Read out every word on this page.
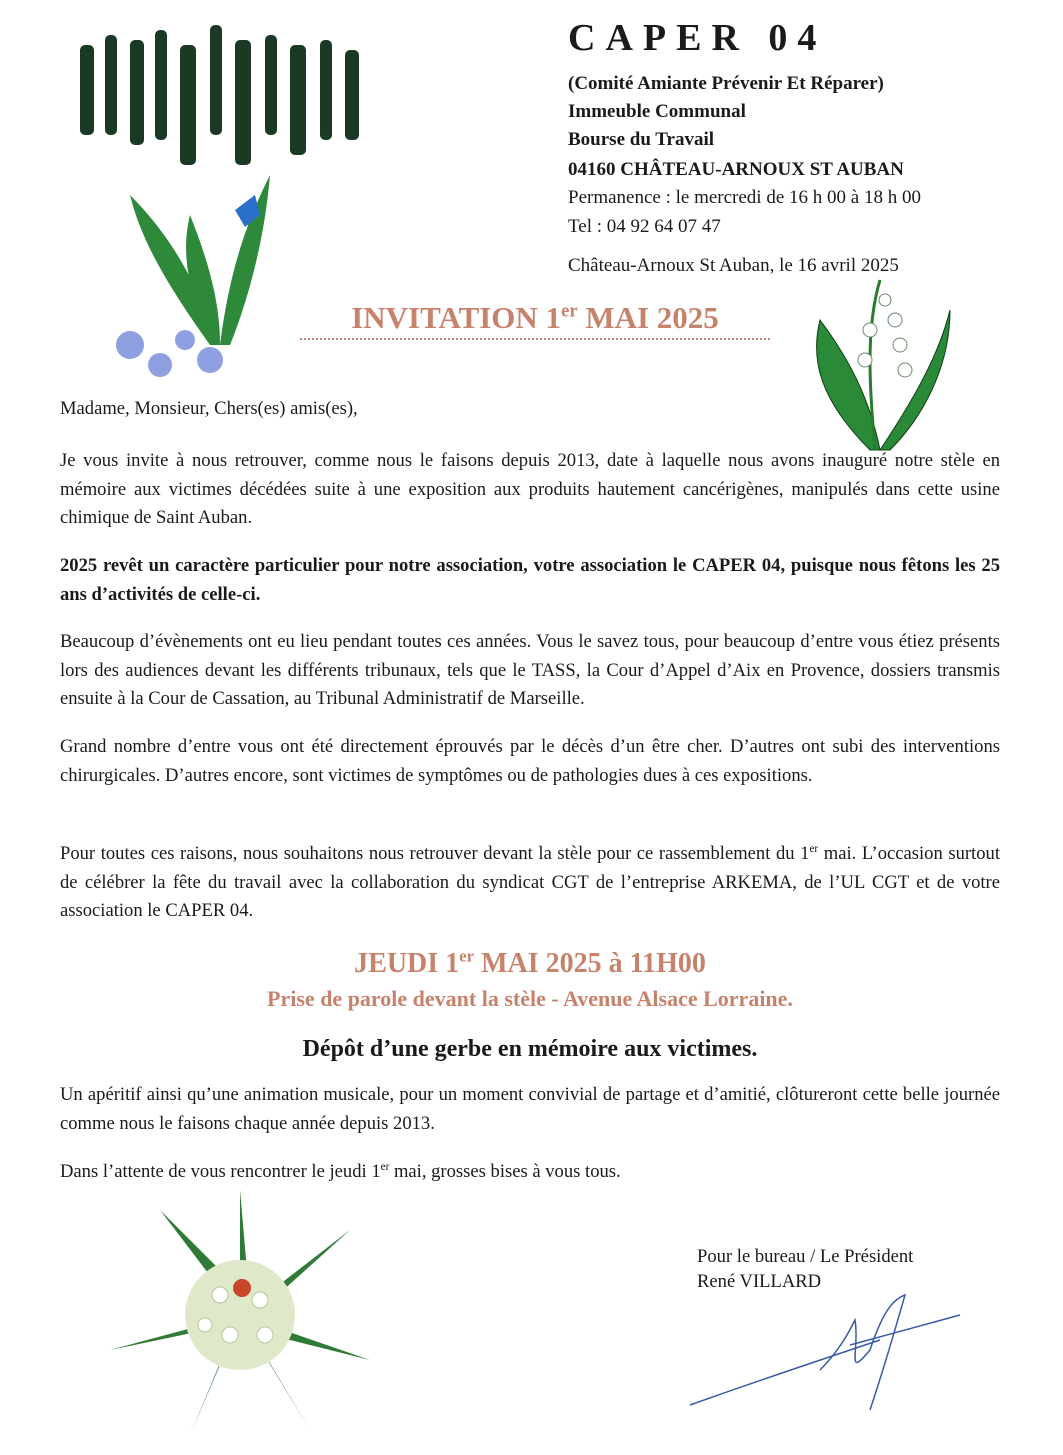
CAPER 04
(Comité Amiante Prévenir Et Réparer)
Immeuble Communal
Bourse du Travail
04160 CHÂTEAU-ARNOUX ST AUBAN
Permanence : le mercredi de 16 h 00 à 18 h 00
Tel : 04 92 64 07 47
Château-Arnoux St Auban, le 16 avril 2025
INVITATION 1er MAI 2025

Madame, Monsieur, Chers(es) amis(es),

Je vous invite à nous retrouver, comme nous le faisons depuis 2013, date à laquelle nous avons inauguré notre stèle en mémoire aux victimes décédées suite à une exposition aux produits hautement cancérigènes, manipulés dans cette usine chimique de Saint Auban.

2025 revêt un caractère particulier pour notre association, votre association le CAPER 04, puisque nous fêtons les 25 ans d’activités de celle-ci.

Beaucoup d’évènements ont eu lieu pendant toutes ces années. Vous le savez tous, pour beaucoup d’entre vous étiez présents lors des audiences devant les différents tribunaux, tels que le TASS, la Cour d’Appel d’Aix en Provence, dossiers transmis ensuite à la Cour de Cassation, au Tribunal Administratif de Marseille.

Grand nombre d’entre vous ont été directement éprouvés par le décès d’un être cher. D’autres ont subi des interventions chirurgicales. D’autres encore, sont victimes de symptômes ou de pathologies dues à ces expositions.

Pour toutes ces raisons, nous souhaitons nous retrouver devant la stèle pour ce rassemblement du 1er mai. L’occasion surtout de célébrer la fête du travail avec la collaboration du syndicat CGT de l’entreprise ARKEMA, de l’UL CGT et de votre association le CAPER 04.

JEUDI 1er MAI 2025 à 11H00
Prise de parole devant la stèle - Avenue Alsace Lorraine.
Dépôt d’une gerbe en mémoire aux victimes.

Un apéritif ainsi qu’une animation musicale, pour un moment convivial de partage et d’amitié, clôtureront cette belle journée comme nous le faisons chaque année depuis 2013.

Dans l’attente de vous rencontrer le jeudi 1er mai, grosses bises à vous tous.

Pour le bureau / Le Président
René VILLARD
